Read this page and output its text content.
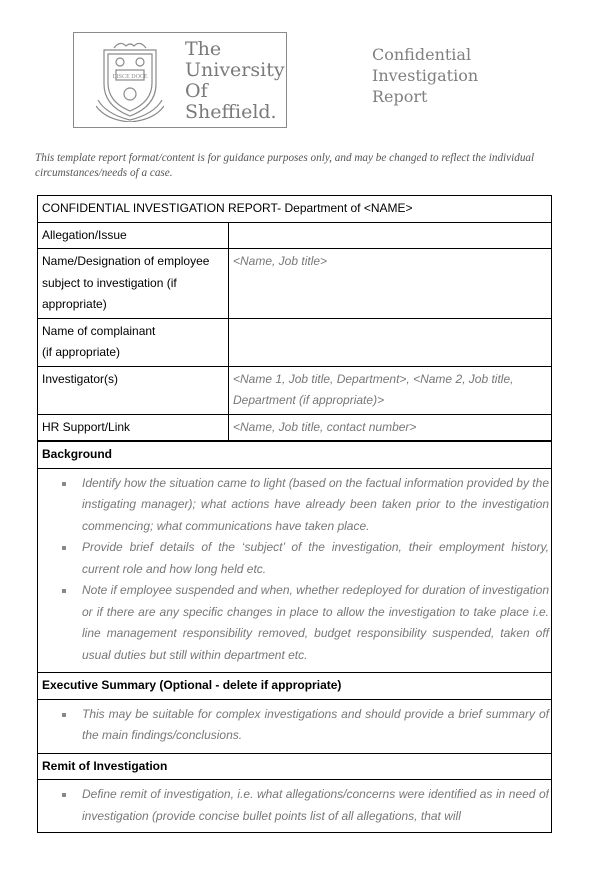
DISCE DOCE
The
University
Of
Sheffield.
Confidential
Investigation
Report
This template report format/content is for guidance purposes only, and may be changed to reflect the individual circumstances/needs of a case.
CONFIDENTIAL INVESTIGATION REPORT- Department of <NAME>	
Allegation/Issue	
Name/Designation of employee subject to investigation (if appropriate)	<Name, Job title>
Name of complainant
(if appropriate)	
Investigator(s)	<Name 1, Job title, Department>, <Name 2, Job title, Department (if appropriate)>
HR Support/Link	<Name, Job title, contact number>
Background

Identify how the situation came to light (based on the factual information provided by the instigating manager); what actions have already been taken prior to the investigation commencing; what communications have taken place.
Provide brief details of the ‘subject’ of the investigation, their employment history, current role and how long held etc.
Note if employee suspended and when, whether redeployed for duration of investigation or if there are any specific changes in place to allow the investigation to take place i.e. line management responsibility removed, budget responsibility suspended, taken off usual duties but still within department etc.

Executive Summary (Optional - delete if appropriate)

This may be suitable for complex investigations and should provide a brief summary of the main findings/conclusions.

Remit of Investigation

Define remit of investigation, i.e. what allegations/concerns were identified as in need of investigation (provide concise bullet points list of all allegations, that will
